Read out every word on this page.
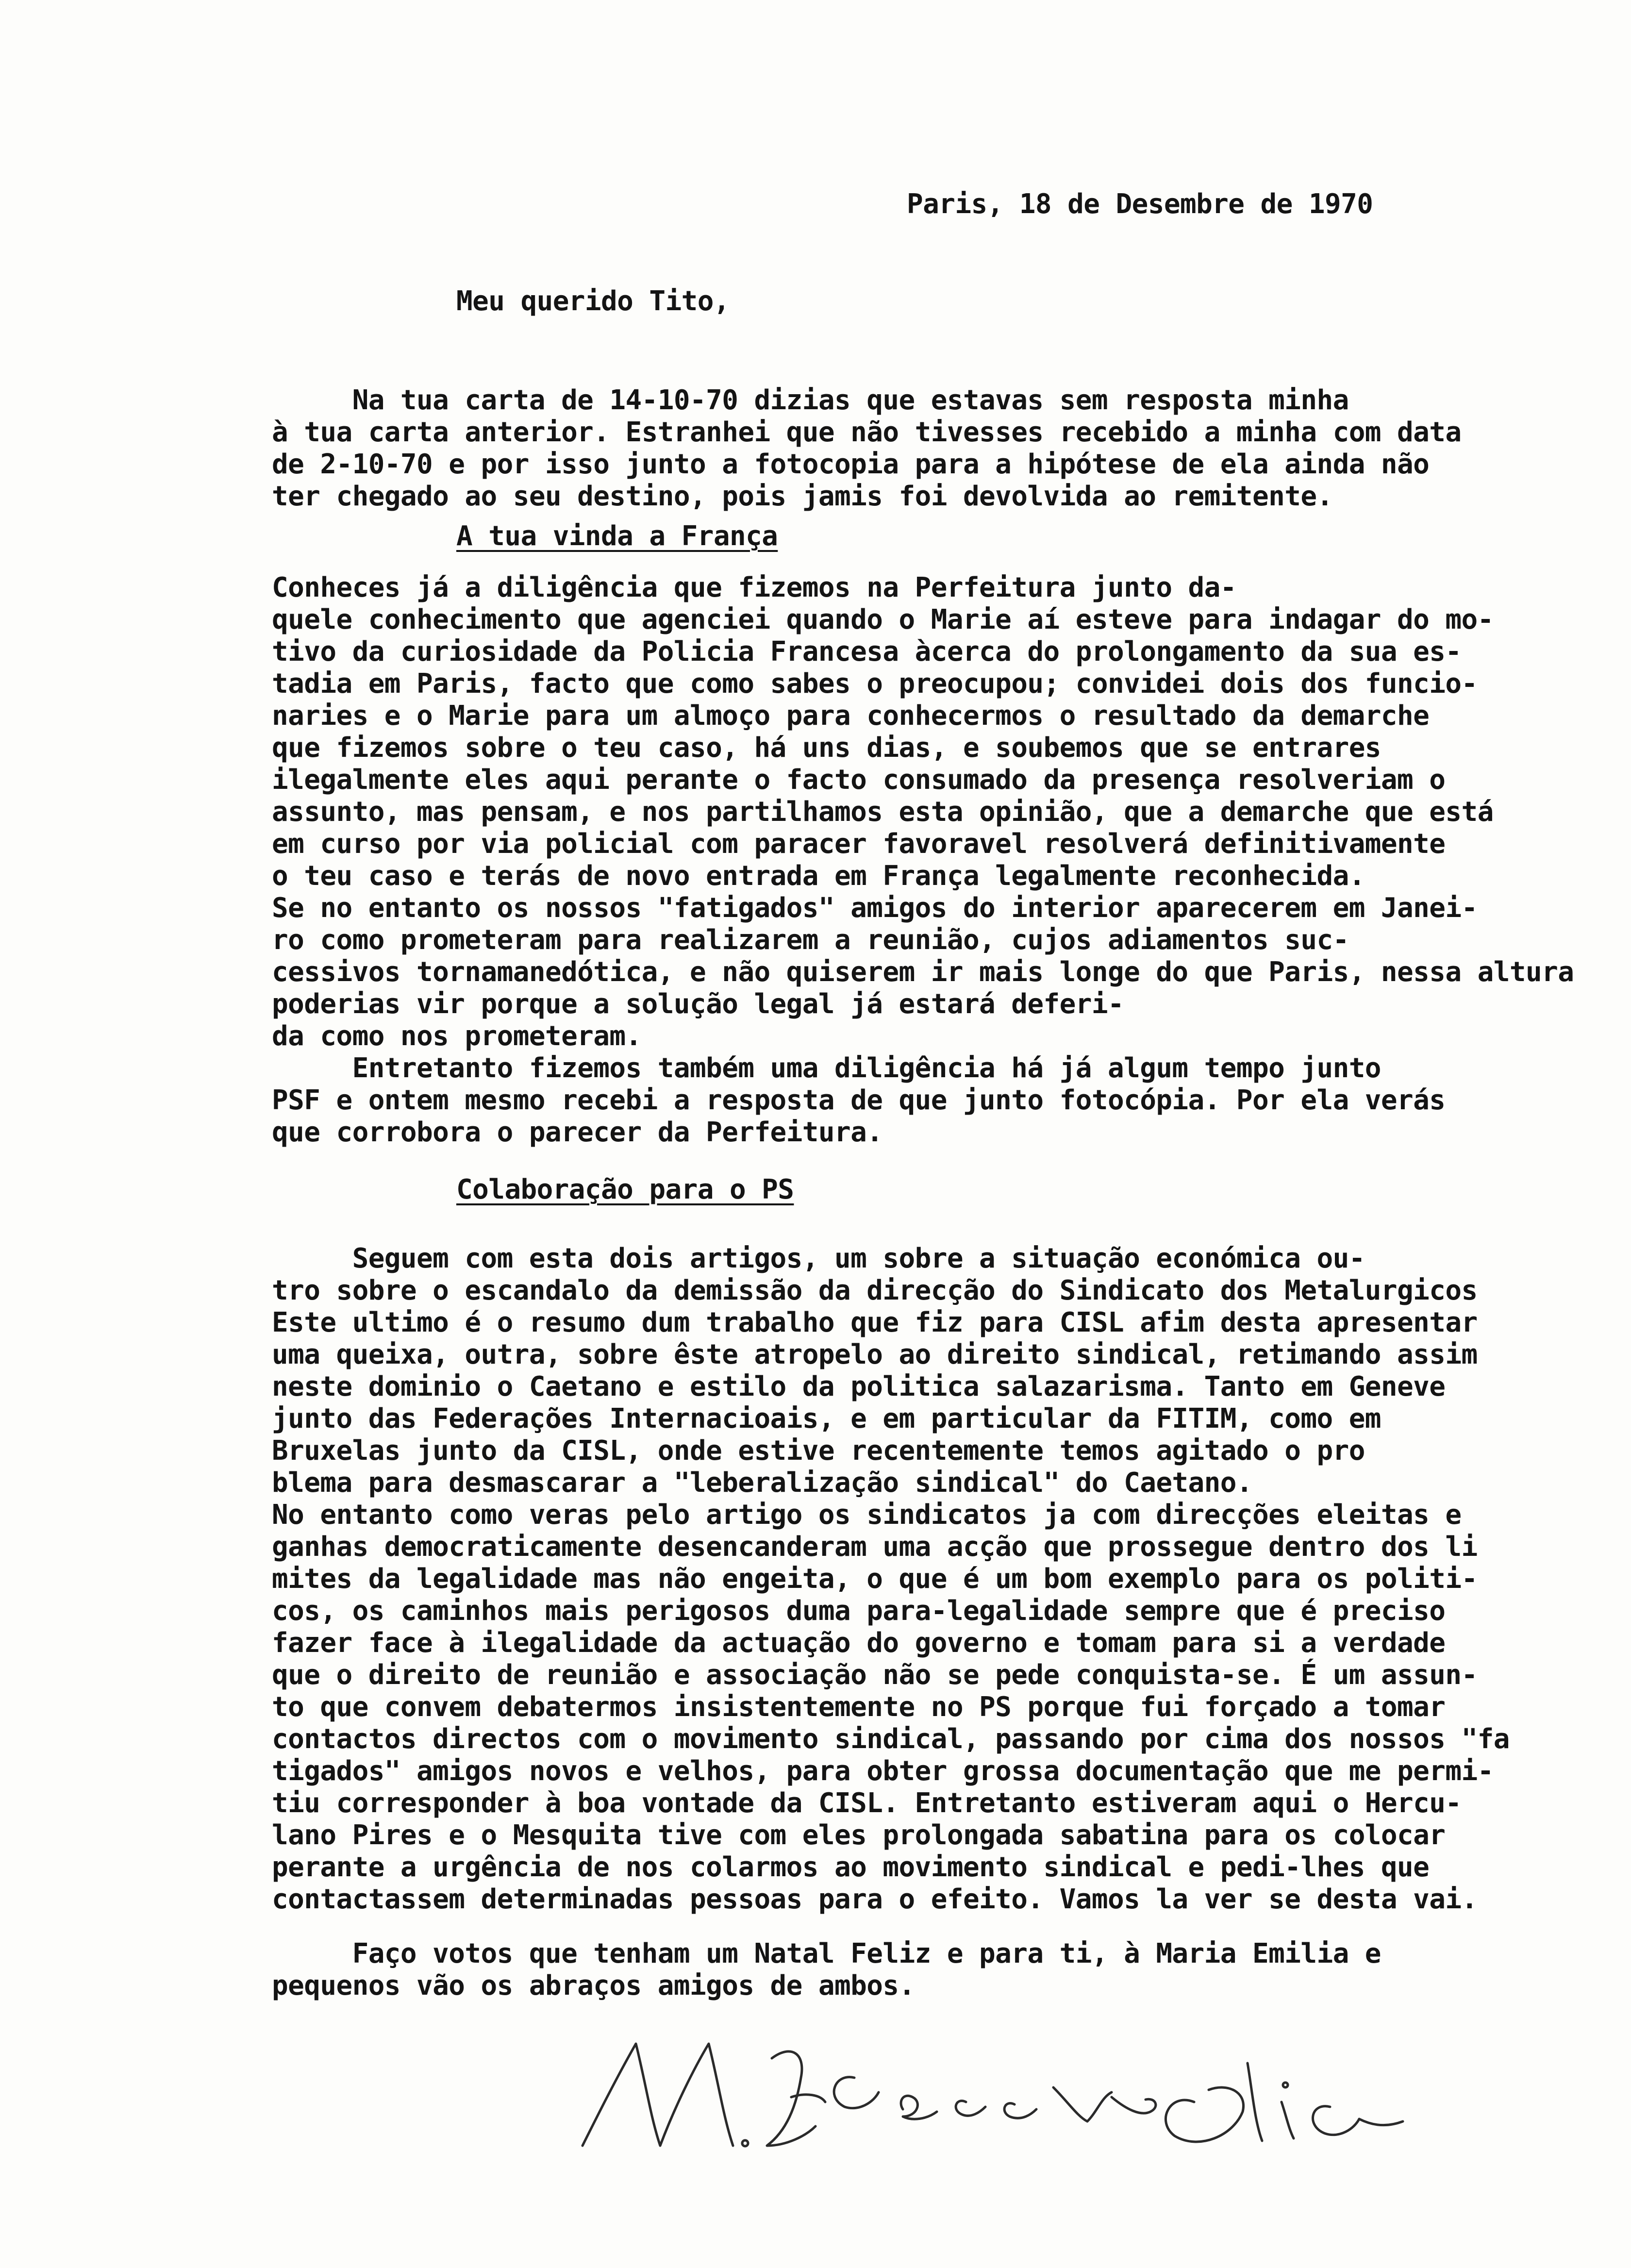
Paris, 18 de Desembre de 1970

Meu querido Tito,

Na tua carta de 14-10-70 dizias que estavas sem resposta minha

à tua carta anterior. Estranhei que não tivesses recebido a minha com data

de 2-10-70 e por isso junto a fotocopia para a hipótese de ela ainda não

ter chegado ao seu destino, pois jamis foi devolvida ao remitente.

A tua vinda a França

Conheces já a diligência que fizemos na Perfeitura junto da-

quele conhecimento que agenciei quando o Marie aí esteve para indagar do mo-

tivo da curiosidade da Policia Francesa àcerca do prolongamento da sua es-

tadia em Paris, facto que como sabes o preocupou; convidei dois dos funcio-

naries e o Marie para um almoço para conhecermos o resultado da demarche

que fizemos sobre o teu caso, há uns dias, e soubemos que se entrares

ilegalmente eles aqui perante o facto consumado da presença resolveriam o

assunto, mas pensam, e nos partilhamos esta opinião, que a demarche que está

em curso por via policial com paracer favoravel resolverá definitivamente

o teu caso e terás de novo entrada em França legalmente reconhecida.

Se no entanto os nossos "fatigados" amigos do interior aparecerem em Janei-

ro como prometeram para realizarem a reunião, cujos adiamentos suc-

cessivos tornamanedótica, e não quiserem ir mais longe do que Paris, nessa altura

poderias vir porque a solução legal já estará deferi-

da como nos prometeram.

Entretanto fizemos também uma diligência há já algum tempo junto

PSF e ontem mesmo recebi a resposta de que junto fotocópia. Por ela verás

que corrobora o parecer da Perfeitura.

Colaboração para o PS

Seguem com esta dois artigos, um sobre a situação económica ou-

tro sobre o escandalo da demissão da direcção do Sindicato dos Metalurgicos

Este ultimo é o resumo dum trabalho que fiz para CISL afim desta apresentar

uma queixa, outra, sobre êste atropelo ao direito sindical, retimando assim

neste dominio o Caetano e estilo da politica salazarisma. Tanto em Geneve

junto das Federações Internacioais, e em particular da FITIM, como em

Bruxelas junto da CISL, onde estive recentemente temos agitado o pro

blema para desmascarar a "leberalização sindical" do Caetano.

No entanto como veras pelo artigo os sindicatos ja com direcções eleitas e

ganhas democraticamente desencanderam uma acção que prossegue dentro dos li

mites da legalidade mas não engeita, o que é um bom exemplo para os politi-

cos, os caminhos mais perigosos duma para-legalidade sempre que é preciso

fazer face à ilegalidade da actuação do governo e tomam para si a verdade

que o direito de reunião e associação não se pede conquista-se. É um assun-

to que convem debatermos insistentemente no PS porque fui forçado a tomar

contactos directos com o movimento sindical, passando por cima dos nossos "fa

tigados" amigos novos e velhos, para obter grossa documentação que me permi-

tiu corresponder à boa vontade da CISL. Entretanto estiveram aqui o Hercu-

lano Pires e o Mesquita tive com eles prolongada sabatina para os colocar

perante a urgência de nos colarmos ao movimento sindical e pedi-lhes que

contactassem determinadas pessoas para o efeito. Vamos la ver se desta vai.

Faço votos que tenham um Natal Feliz e para ti, à Maria Emilia e

pequenos vão os abraços amigos de ambos.
